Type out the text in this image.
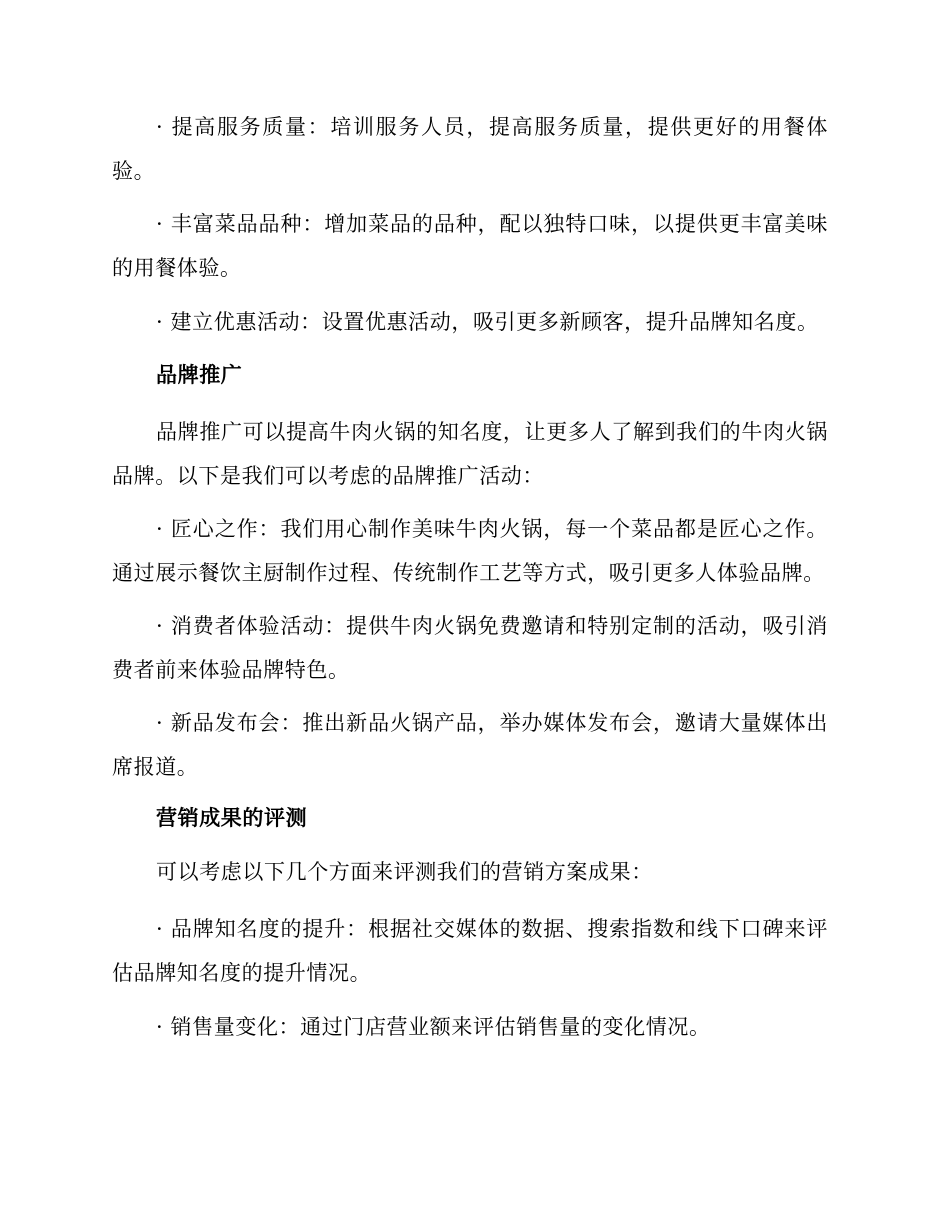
· 提高服务质量：培训服务人员，提高服务质量，提供更好的用餐体验。

· 丰富菜品品种：增加菜品的品种，配以独特口味，以提供更丰富美味的用餐体验。

· 建立优惠活动：设置优惠活动，吸引更多新顾客，提升品牌知名度。

品牌推广

品牌推广可以提高牛肉火锅的知名度，让更多人了解到我们的牛肉火锅品牌。以下是我们可以考虑的品牌推广活动：

· 匠心之作：我们用心制作美味牛肉火锅，每一个菜品都是匠心之作。通过展示餐饮主厨制作过程、传统制作工艺等方式，吸引更多人体验品牌。

· 消费者体验活动：提供牛肉火锅免费邀请和特别定制的活动，吸引消费者前来体验品牌特色。

· 新品发布会：推出新品火锅产品，举办媒体发布会，邀请大量媒体出席报道。

营销成果的评测

可以考虑以下几个方面来评测我们的营销方案成果：

· 品牌知名度的提升：根据社交媒体的数据、搜索指数和线下口碑来评估品牌知名度的提升情况。

· 销售量变化：通过门店营业额来评估销售量的变化情况。
